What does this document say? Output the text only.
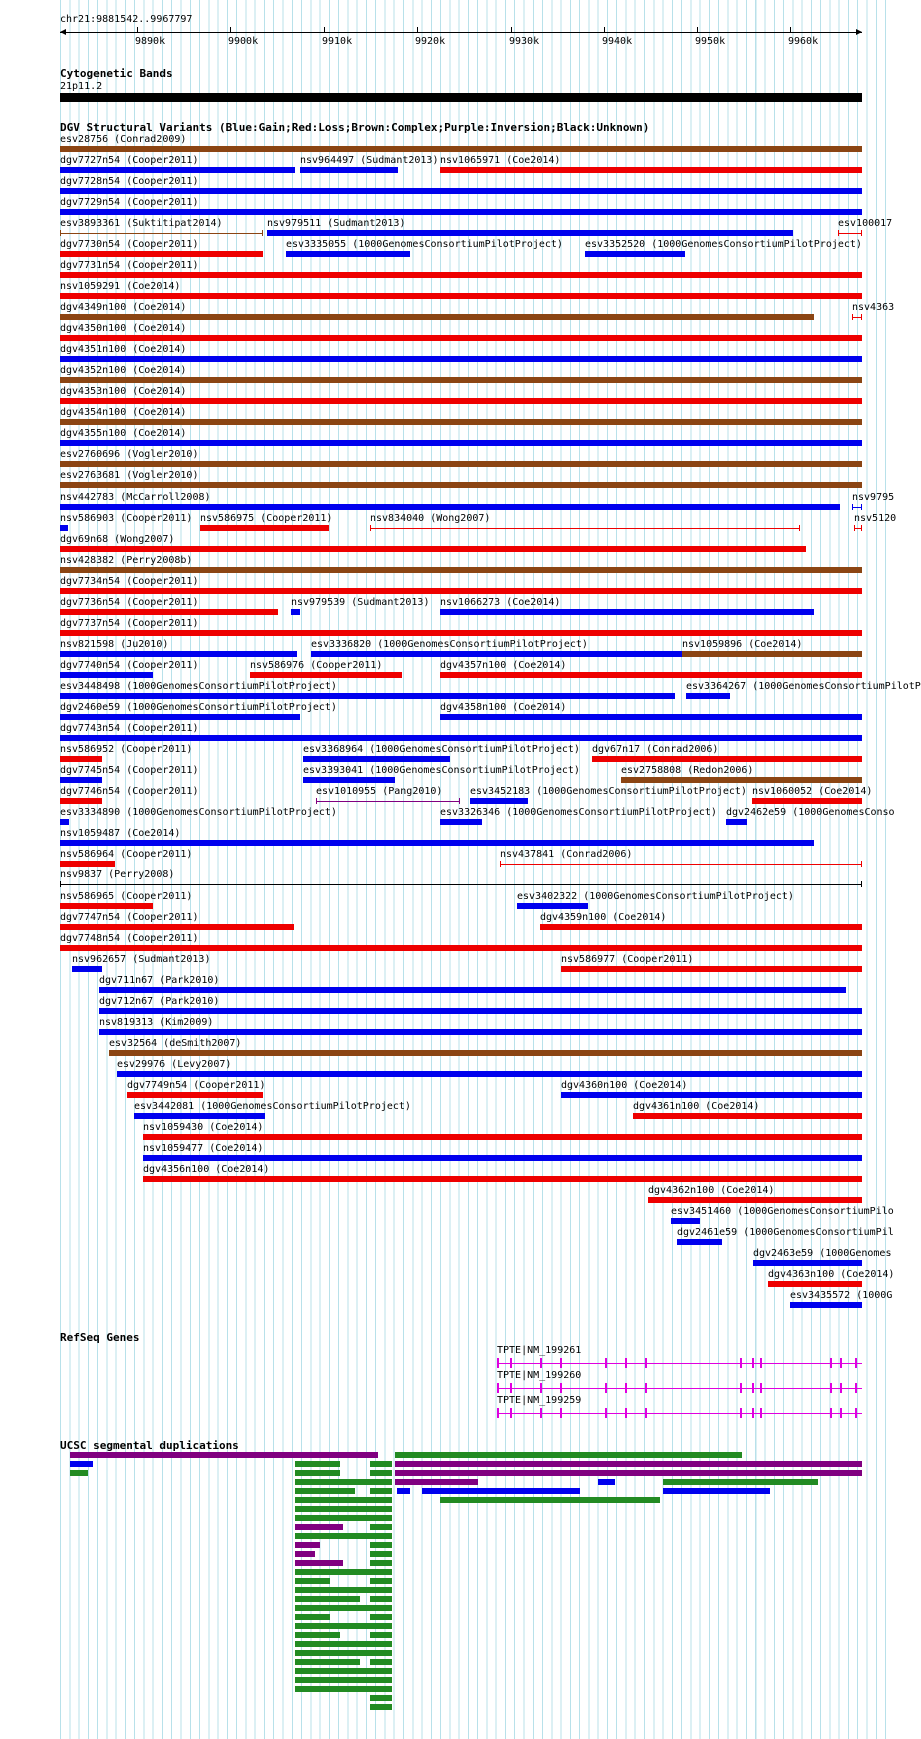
chr21:9881542..9967797
9890k	9900k	9910k	9920k	9930k	9940k	9950k	9960k
Cytogenetic Bands
21p11.2
DGV Structural Variants (Blue:Gain;Red:Loss;Brown:Complex;Purple:Inversion;Black:Unknown)
esv28756 (Conrad2009)
dgv7727n54 (Cooper2011)	nsv964497 (Sudmant2013) nsv1065971 (Coe2014)
dgv7728n54 (Cooper2011)
dgv7729n54 (Cooper2011)
esv3893361 (Suktitipat2014)	nsv979511 (Sudmant2013)	esv100017
dgv7730n54 (Cooper2011)	esv3335055 (1000GenomesConsortiumPilotProject) esv3352520 (1000GenomesConsortiumPilotProject)
dgv7731n54 (Cooper2011)
nsv1059291 (Coe2014)
dgv4349n100 (Coe2014)	nsv4363
dgv4350n100 (Coe2014)
dgv4351n100 (Coe2014)
dgv4352n100 (Coe2014)
dgv4353n100 (Coe2014)
dgv4354n100 (Coe2014)
dgv4355n100 (Coe2014)
esv2760696 (Vogler2010)
esv2763681 (Vogler2010)
nsv442783 (McCarroll2008)	nsv9795
nsv586903 (Cooper2011) nsv586975 (Cooper2011)	nsv834040 (Wong2007)	nsv5120
dgv69n68 (Wong2007)
nsv428382 (Perry2008b)
dgv7734n54 (Cooper2011)
dgv7736n54 (Cooper2011)	nsv979539 (Sudmant2013) nsv1066273 (Coe2014)
dgv7737n54 (Cooper2011)
nsv821598 (Ju2010)	esv3336820 (1000GenomesConsortiumPilotProject)	nsv1059896 (Coe2014)
dgv7740n54 (Cooper2011)	nsv586976 (Cooper2011)	dgv4357n100 (Coe2014)
esv3448498 (1000GenomesConsortiumPilotProject)	esv3364267 (1000GenomesConsortiumPilotP
dgv2460e59 (1000GenomesConsortiumPilotProject)	dgv4358n100 (Coe2014)
dgv7743n54 (Cooper2011)
nsv586952 (Cooper2011)	esv3368964 (1000GenomesConsortiumPilotProject) dgv67n17 (Conrad2006)
dgv7745n54 (Cooper2011)	esv3393041 (1000GenomesConsortiumPilotProject)	esv2758808 (Redon2006)
dgv7746n54 (Cooper2011)	esv1010955 (Pang2010)	esv3452183 (1000GenomesConsortiumPilotProject) nsv1060052 (Coe2014)
esv3334890 (1000GenomesConsortiumPilotProject)	esv3326346 (1000GenomesConsortiumPilotProject) dgv2462e59 (1000GenomesConso
nsv1059487 (Coe2014)
nsv586964 (Cooper2011)	nsv437841 (Conrad2006)
nsv9837 (Perry2008)
nsv586965 (Cooper2011)	esv3402322 (1000GenomesConsortiumPilotProject)
dgv7747n54 (Cooper2011)	dgv4359n100 (Coe2014)
dgv7748n54 (Cooper2011)
nsv962657 (Sudmant2013)	nsv586977 (Cooper2011)
dgv711n67 (Park2010)
dgv712n67 (Park2010)
nsv819313 (Kim2009)
esv32564 (deSmith2007)
esv29976 (Levy2007)
dgv7749n54 (Cooper2011)	dgv4360n100 (Coe2014)
esv3442081 (1000GenomesConsortiumPilotProject)	dgv4361n100 (Coe2014)
nsv1059430 (Coe2014)
nsv1059477 (Coe2014)
dgv4356n100 (Coe2014)
dgv4362n100 (Coe2014)
esv3451460 (1000GenomesConsortiumPilo
dgv2461e59 (1000GenomesConsortiumPil
dgv2463e59 (1000Genomes
dgv4363n100 (Coe2014)
esv3435572 (1000G
RefSeq Genes
TPTE|NM_199261
TPTE|NM_199260
TPTE|NM_199259
UCSC segmental duplications
